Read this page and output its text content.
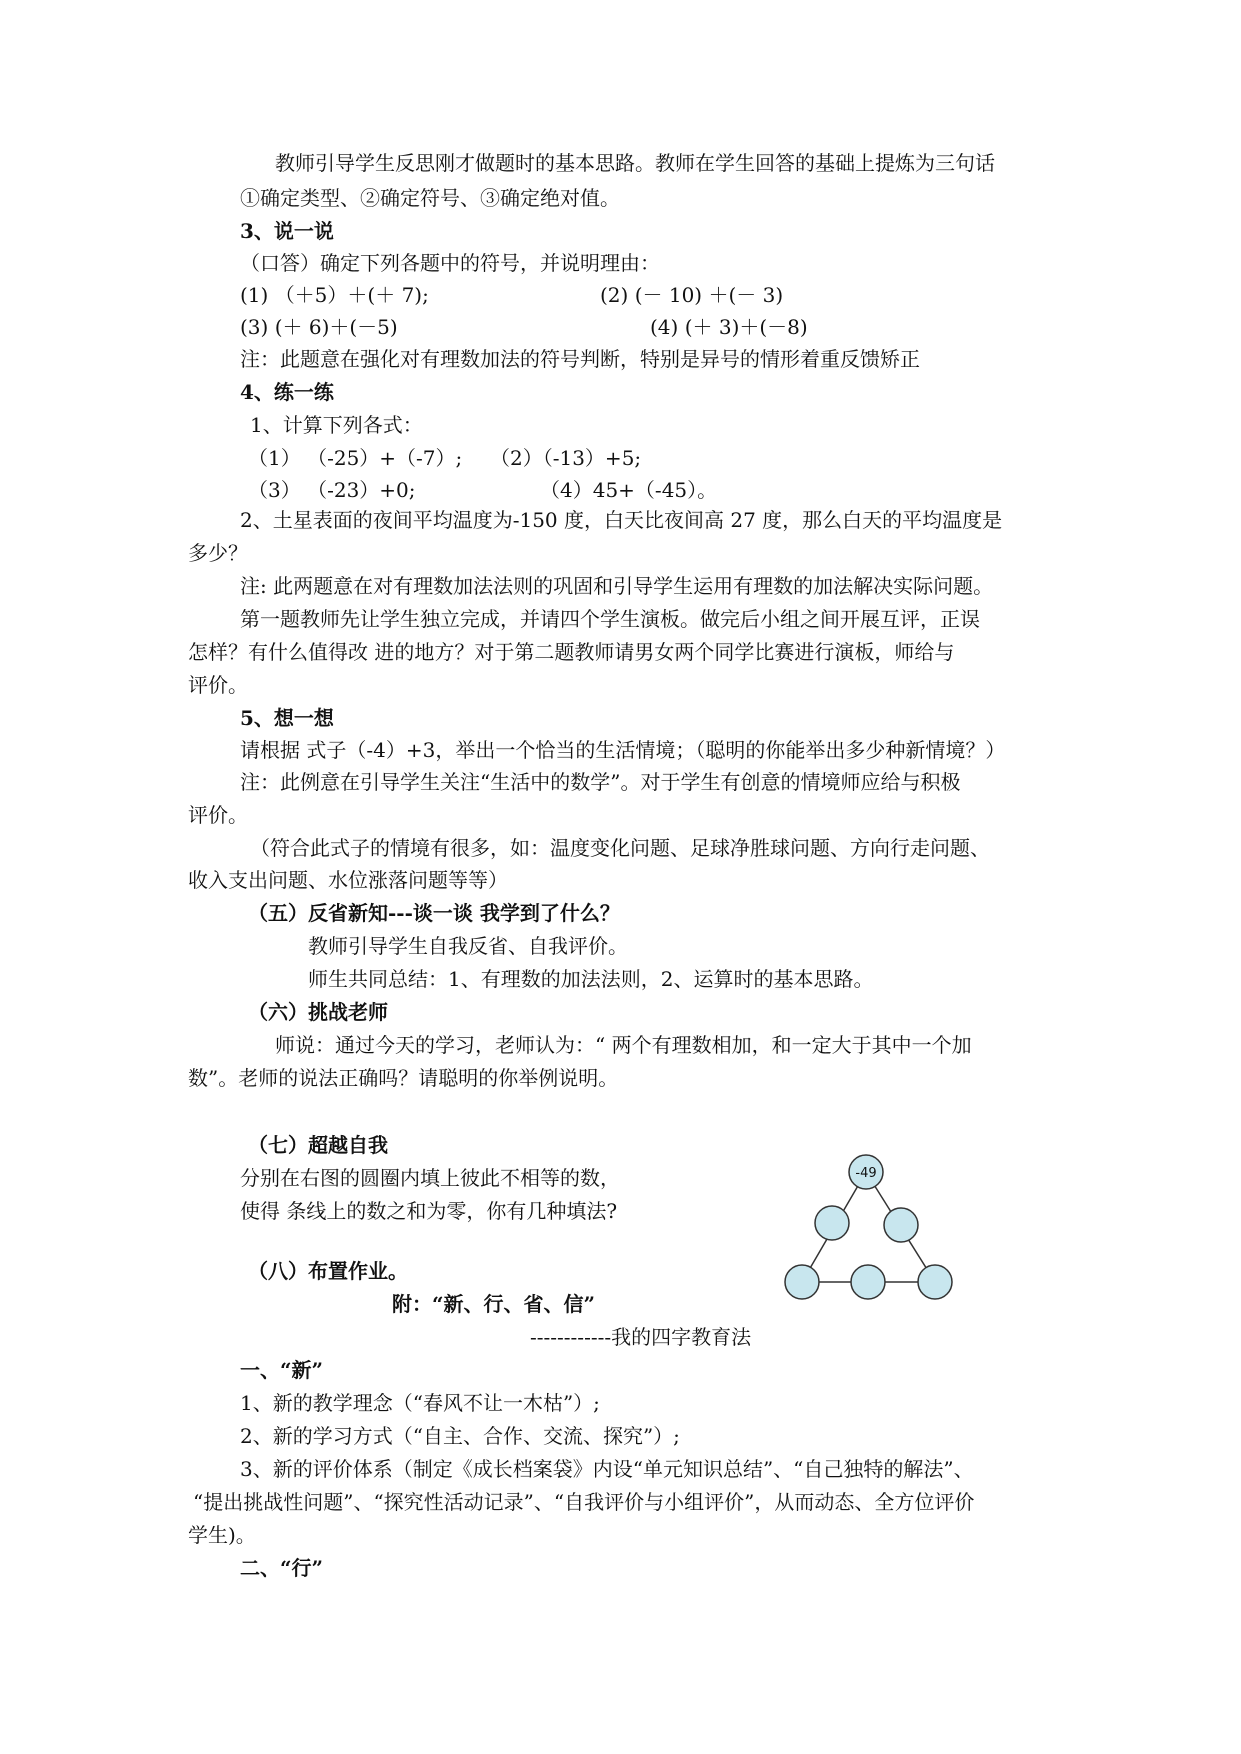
教师引导学生反思刚才做题时的基本思路。教师在学生回答的基础上提炼为三句话

①确定类型、②确定符号、③确定绝对值。

3、说一说

（口答）确定下列各题中的符号，并说明理由：

(1) （＋5）＋(＋ 7);	(2) (－ 10) ＋(－ 3)

(3) (＋ 6)＋(－5)	(4) (＋ 3)＋(－8)

注：此题意在强化对有理数加法的符号判断，特别是异号的情形着重反馈矫正

4、练一练

1、计算下列各式：

（1） （-25）+（-7）; （2）（-13）+5;

（3） （-23）+0;	（4）45+（-45）。

2、土星表面的夜间平均温度为-150 度，白天比夜间高 27 度，那么白天的平均温度是

多少？

注: 此两题意在对有理数加法法则的巩固和引导学生运用有理数的加法解决实际问题。

第一题教师先让学生独立完成，并请四个学生演板。做完后小组之间开展互评，正误

怎样？有什么值得改 进的地方？对于第二题教师请男女两个同学比赛进行演板，师给与

评价。

5、想一想

请根据 式子（-4）+3，举出一个恰当的生活情境；（聪明的你能举出多少种新情境？）

注：此例意在引导学生关注“生活中的数学”。对于学生有创意的情境师应给与积极

评价。

（符合此式子的情境有很多，如：温度变化问题、足球净胜球问题、方向行走问题、

收入支出问题、水位涨落问题等等）

（五）反省新知---谈一谈 我学到了什么？

教师引导学生自我反省、自我评价。

师生共同总结：1、有理数的加法法则，2、运算时的基本思路。

（六）挑战老师

师说：通过今天的学习，老师认为：“ 两个有理数相加，和一定大于其中一个加

数”。老师的说法正确吗？请聪明的你举例说明。

（七）超越自我

分别在右图的圆圈内填上彼此不相等的数，

使得 条线上的数之和为零，你有几种填法?

（八）布置作业。

附：“新、行、省、信”

------------我的四字教育法

一、“新”

1、新的教学理念（“春风不让一木枯”）;

2、新的学习方式（“自主、合作、交流、探究”）;

3、新的评价体系（制定《成长档案袋》内设“单元知识总结”、“自己独特的解法”、

“提出挑战性问题”、“探究性活动记录”、“自我评价与小组评价”，从而动态、全方位评价

学生)。

二、“行”

-49
